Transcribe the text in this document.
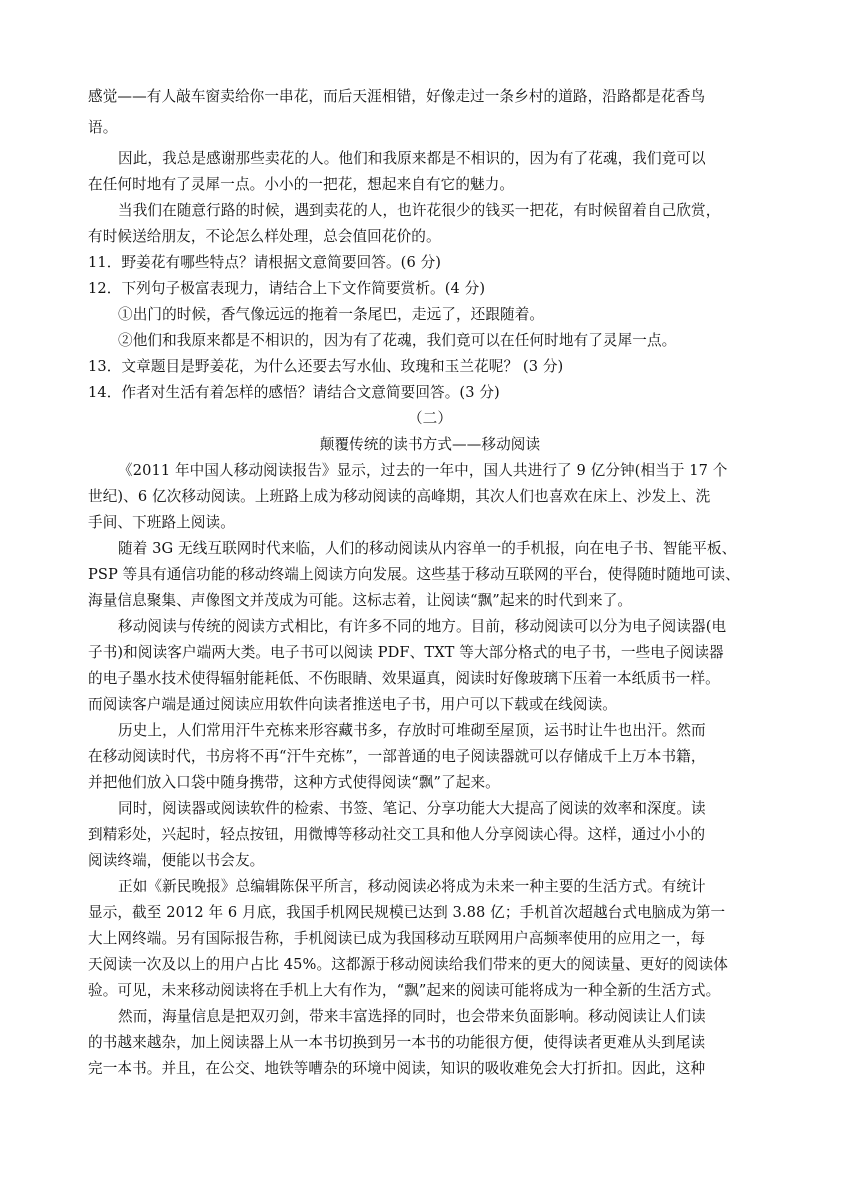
感觉——有人敲车窗卖给你一串花，而后天涯相错，好像走过一条乡村的道路，沿路都是花香鸟
语。
因此，我总是感谢那些卖花的人。他们和我原来都是不相识的，因为有了花魂，我们竟可以
在任何时地有了灵犀一点。小小的一把花，想起来自有它的魅力。
当我们在随意行路的时候，遇到卖花的人，也许花很少的钱买一把花，有时候留着自己欣赏，
有时候送给朋友，不论怎么样处理，总会值回花价的。
11．野姜花有哪些特点？请根据文意简要回答。(6 分)
12．下列句子极富表现力，请结合上下文作简要赏析。(4 分)
①出门的时候，香气像远远的拖着一条尾巴，走远了，还跟随着。
②他们和我原来都是不相识的，因为有了花魂，我们竟可以在任何时地有了灵犀一点。
13．文章题目是野姜花，为什么还要去写水仙、玫瑰和玉兰花呢？ (3 分)
14．作者对生活有着怎样的感悟？请结合文意简要回答。(3 分)
（二）
颠覆传统的读书方式——移动阅读
《2011 年中国人移动阅读报告》显示，过去的一年中，国人共进行了 9 亿分钟(相当于 17 个
世纪)、6 亿次移动阅读。上班路上成为移动阅读的高峰期，其次人们也喜欢在床上、沙发上、洗
手间、下班路上阅读。
随着 3G 无线互联网时代来临，人们的移动阅读从内容单一的手机报，向在电子书、智能平板、
PSP 等具有通信功能的移动终端上阅读方向发展。这些基于移动互联网的平台，使得随时随地可读、
海量信息聚集、声像图文并茂成为可能。这标志着，让阅读“飘”起来的时代到来了。
移动阅读与传统的阅读方式相比，有许多不同的地方。目前，移动阅读可以分为电子阅读器(电
子书)和阅读客户端两大类。电子书可以阅读 PDF、TXT 等大部分格式的电子书，一些电子阅读器
的电子墨水技术使得辐射能耗低、不伤眼睛、效果逼真，阅读时好像玻璃下压着一本纸质书一样。
而阅读客户端是通过阅读应用软件向读者推送电子书，用户可以下载或在线阅读。
历史上，人们常用汗牛充栋来形容藏书多，存放时可堆砌至屋顶，运书时让牛也出汗。然而
在移动阅读时代，书房将不再“汗牛充栋”，一部普通的电子阅读器就可以存储成千上万本书籍，
并把他们放入口袋中随身携带，这种方式使得阅读“飘”了起来。
同时，阅读器或阅读软件的检索、书签、笔记、分享功能大大提高了阅读的效率和深度。读
到精彩处，兴起时，轻点按钮，用微博等移动社交工具和他人分享阅读心得。这样，通过小小的
阅读终端，便能以书会友。
正如《新民晚报》总编辑陈保平所言，移动阅读必将成为未来一种主要的生活方式。有统计
显示，截至 2012 年 6 月底，我国手机网民规模已达到 3.88 亿；手机首次超越台式电脑成为第一
大上网终端。另有国际报告称，手机阅读已成为我国移动互联网用户高频率使用的应用之一，每
天阅读一次及以上的用户占比 45%。这都源于移动阅读给我们带来的更大的阅读量、更好的阅读体
验。可见，未来移动阅读将在手机上大有作为，“飘”起来的阅读可能将成为一种全新的生活方式。
然而，海量信息是把双刃剑，带来丰富选择的同时，也会带来负面影响。移动阅读让人们读
的书越来越杂，加上阅读器上从一本书切换到另一本书的功能很方便，使得读者更难从头到尾读
完一本书。并且，在公交、地铁等嘈杂的环境中阅读，知识的吸收难免会大打折扣。因此，这种
